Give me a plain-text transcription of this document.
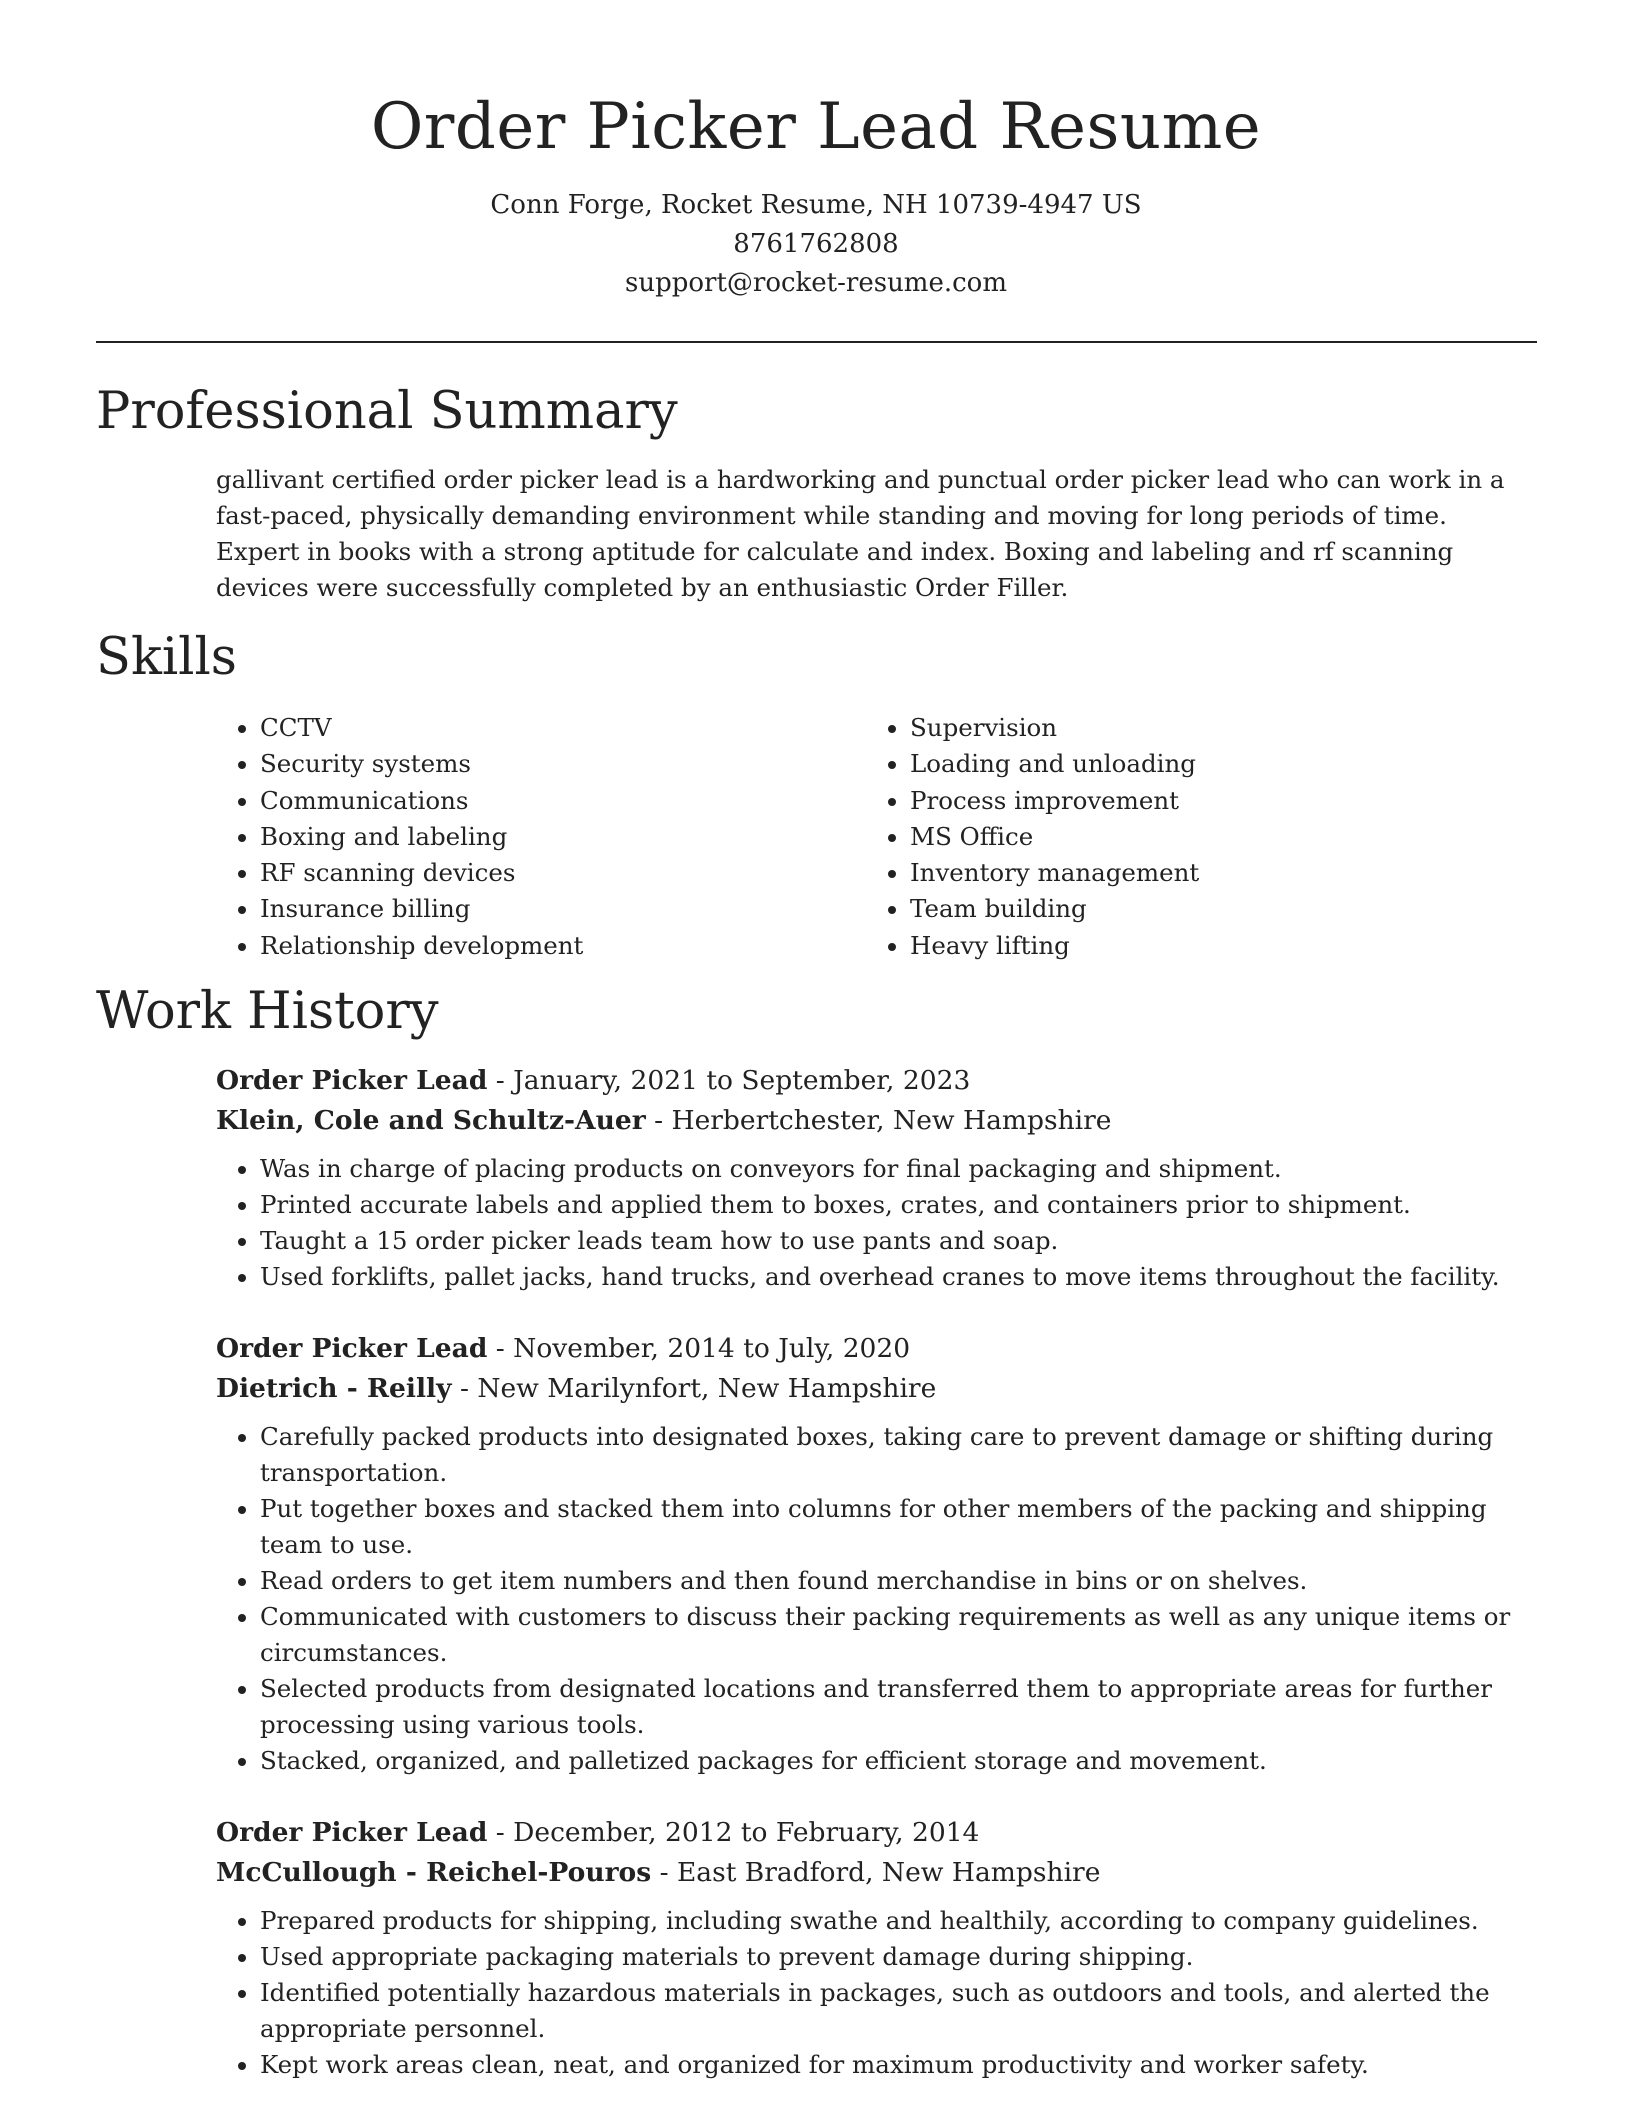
Order Picker Lead Resume
Conn Forge, Rocket Resume, NH 10739-4947 US
8761762808
support@rocket-resume.com
Professional Summary

gallivant certified order picker lead is a hardworking and punctual order picker lead who can work in a fast-paced, physically demanding environment while standing and moving for long periods of time. Expert in books with a strong aptitude for calculate and index. Boxing and labeling and rf scanning devices were successfully completed by an enthusiastic Order Filler.

Skills
• CCTV
• Security systems
• Communications
• Boxing and labeling
• RF scanning devices
• Insurance billing
• Relationship development
• Supervision
• Loading and unloading
• Process improvement
• MS Office
• Inventory management
• Team building
• Heavy lifting
Work History
Order Picker Lead - January, 2021 to September, 2023
Klein, Cole and Schultz-Auer - Herbertchester, New Hampshire
• Was in charge of placing products on conveyors for final packaging and shipment.
• Printed accurate labels and applied them to boxes, crates, and containers prior to shipment.
• Taught a 15 order picker leads team how to use pants and soap.
• Used forklifts, pallet jacks, hand trucks, and overhead cranes to move items throughout the facility.
Order Picker Lead - November, 2014 to July, 2020
Dietrich - Reilly - New Marilynfort, New Hampshire
• Carefully packed products into designated boxes, taking care to prevent damage or shifting during transportation.
• Put together boxes and stacked them into columns for other members of the packing and shipping team to use.
• Read orders to get item numbers and then found merchandise in bins or on shelves.
• Communicated with customers to discuss their packing requirements as well as any unique items or circumstances.
• Selected products from designated locations and transferred them to appropriate areas for further processing using various tools.
• Stacked, organized, and palletized packages for efficient storage and movement.
Order Picker Lead - December, 2012 to February, 2014
McCullough - Reichel-Pouros - East Bradford, New Hampshire
• Prepared products for shipping, including swathe and healthily, according to company guidelines.
• Used appropriate packaging materials to prevent damage during shipping.
• Identified potentially hazardous materials in packages, such as outdoors and tools, and alerted the appropriate personnel.
• Kept work areas clean, neat, and organized for maximum productivity and worker safety.
